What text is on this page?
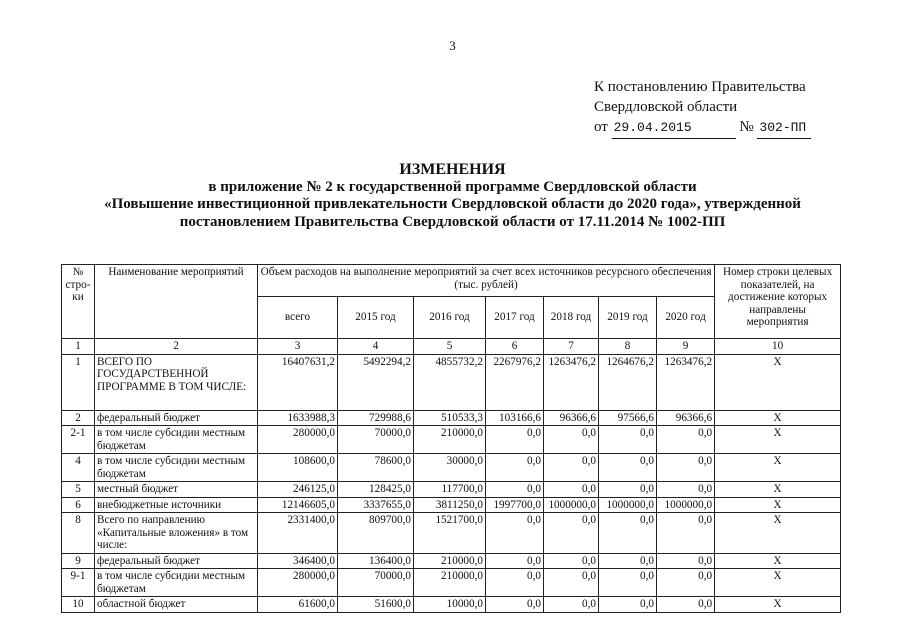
3
К постановлению Правительства
Свердловской области
от 29.04.2015	№ 302-ПП
ИЗМЕНЕНИЯ
в приложение № 2 к государственной программе Свердловской области
«Повышение инвестиционной привлекательности Свердловской области до 2020 года», утвержденной
постановлением Правительства Свердловской области от 17.11.2014 № 1002-ПП
№ стро-ки	Наименование мероприятий	Объем расходов на выполнение мероприятий за счет всех источников ресурсного обеспечения (тыс. рублей)							Номер строки целевых показателей, на достижение которых направлены мероприятия
		всего	2015 год	2016 год	2017 год	2018 год	2019 год	2020 год	
1	2	3	4	5	6	7	8	9	10
1	ВСЕГО ПО ГОСУДАРСТВЕННОЙ ПРОГРАММЕ В ТОМ ЧИСЛЕ:	16407631,2	5492294,2	4855732,2	2267976,2	1263476,2	1264676,2	1263476,2	X
2	федеральный бюджет	1633988,3	729988,6	510533,3	103166,6	96366,6	97566,6	96366,6	X
2-1	в том числе субсидии местным бюджетам	280000,0	70000,0	210000,0	0,0	0,0	0,0	0,0	X
4	в том числе субсидии местным бюджетам	108600,0	78600,0	30000,0	0,0	0,0	0,0	0,0	X
5	местный бюджет	246125,0	128425,0	117700,0	0,0	0,0	0,0	0,0	X
6	внебюджетные источники	12146605,0	3337655,0	3811250,0	1997700,0	1000000,0	1000000,0	1000000,0	X
8	Всего по направлению «Капитальные вложения» в том числе:	2331400,0	809700,0	1521700,0	0,0	0,0	0,0	0,0	X
9	федеральный бюджет	346400,0	136400,0	210000,0	0,0	0,0	0,0	0,0	X
9-1	в том числе субсидии местным бюджетам	280000,0	70000,0	210000,0	0,0	0,0	0,0	0,0	X
10	областной бюджет	61600,0	51600,0	10000,0	0,0	0,0	0,0	0,0	X
